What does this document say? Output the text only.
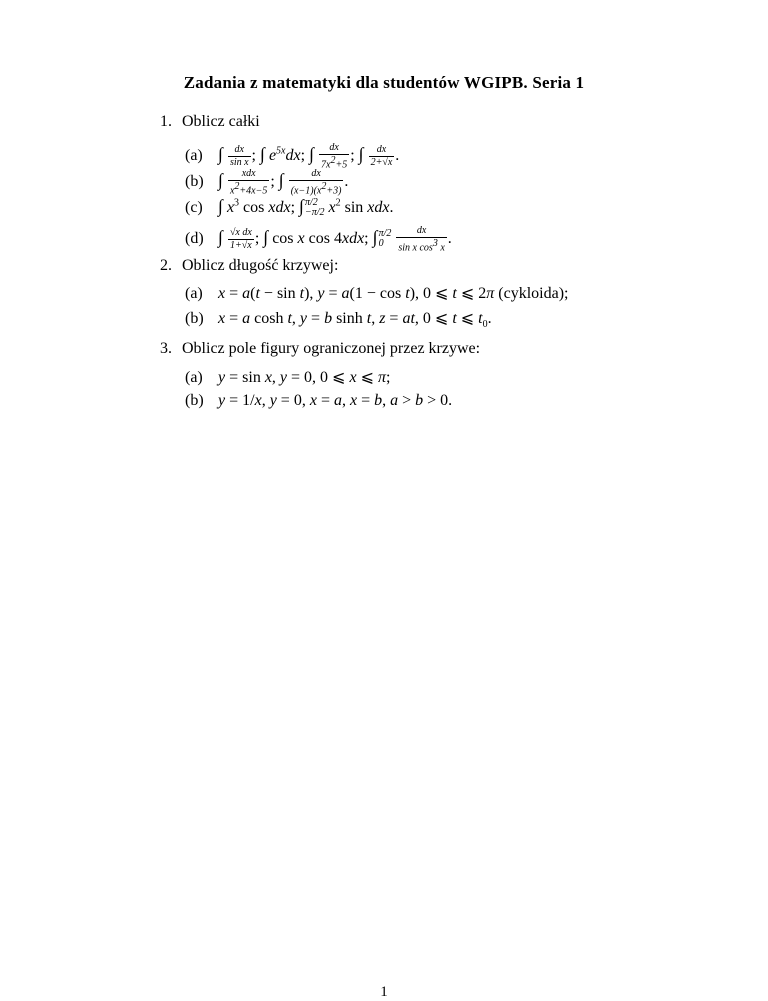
Zadania z matematyki dla studentów WGIPB. Seria 1
1. Oblicz całki
(a) ∫ $\frac{dx}{\text{sin x}}$ ; ∫ $e^{5x}dx$; ∫ $\frac{dx}{7x^2+5}$ ; ∫ $\frac{dx}{2+√x}$ .
(b) ∫ $\frac{\text{xdx}}{x^2+4x-5}$ ; ∫ $\frac{dx}{(x-1)(x^2+3)}$ .
(c) ∫ $x^3$ cos xdx; ∫ π/2
−π/2 $x^2$ sin xdx.
(d) ∫ $\frac{\text{√x dx}}{1+√x}$ ; ∫ cos x cos 4xdx; ∫ π/2
0
	$\frac{dx}{\sin x \cos^3 x}$ .
2. Oblicz długość krzywej:
(a) x = a(t − sin t), y = a(1 − cos t), 0 ⩽ t ⩽ 2π (cykloida);
(b) x = a cosh t, y = b sinh t, z = at, 0 ⩽ t ⩽ $t_0$.
3. Oblicz pole figury ograniczonej przez krzywe:
(a) y = sin x, y = 0, 0 ⩽ x ⩽ π;
(b) y = 1/x, y = 0, x = a, x = b, a > b > 0.
1
